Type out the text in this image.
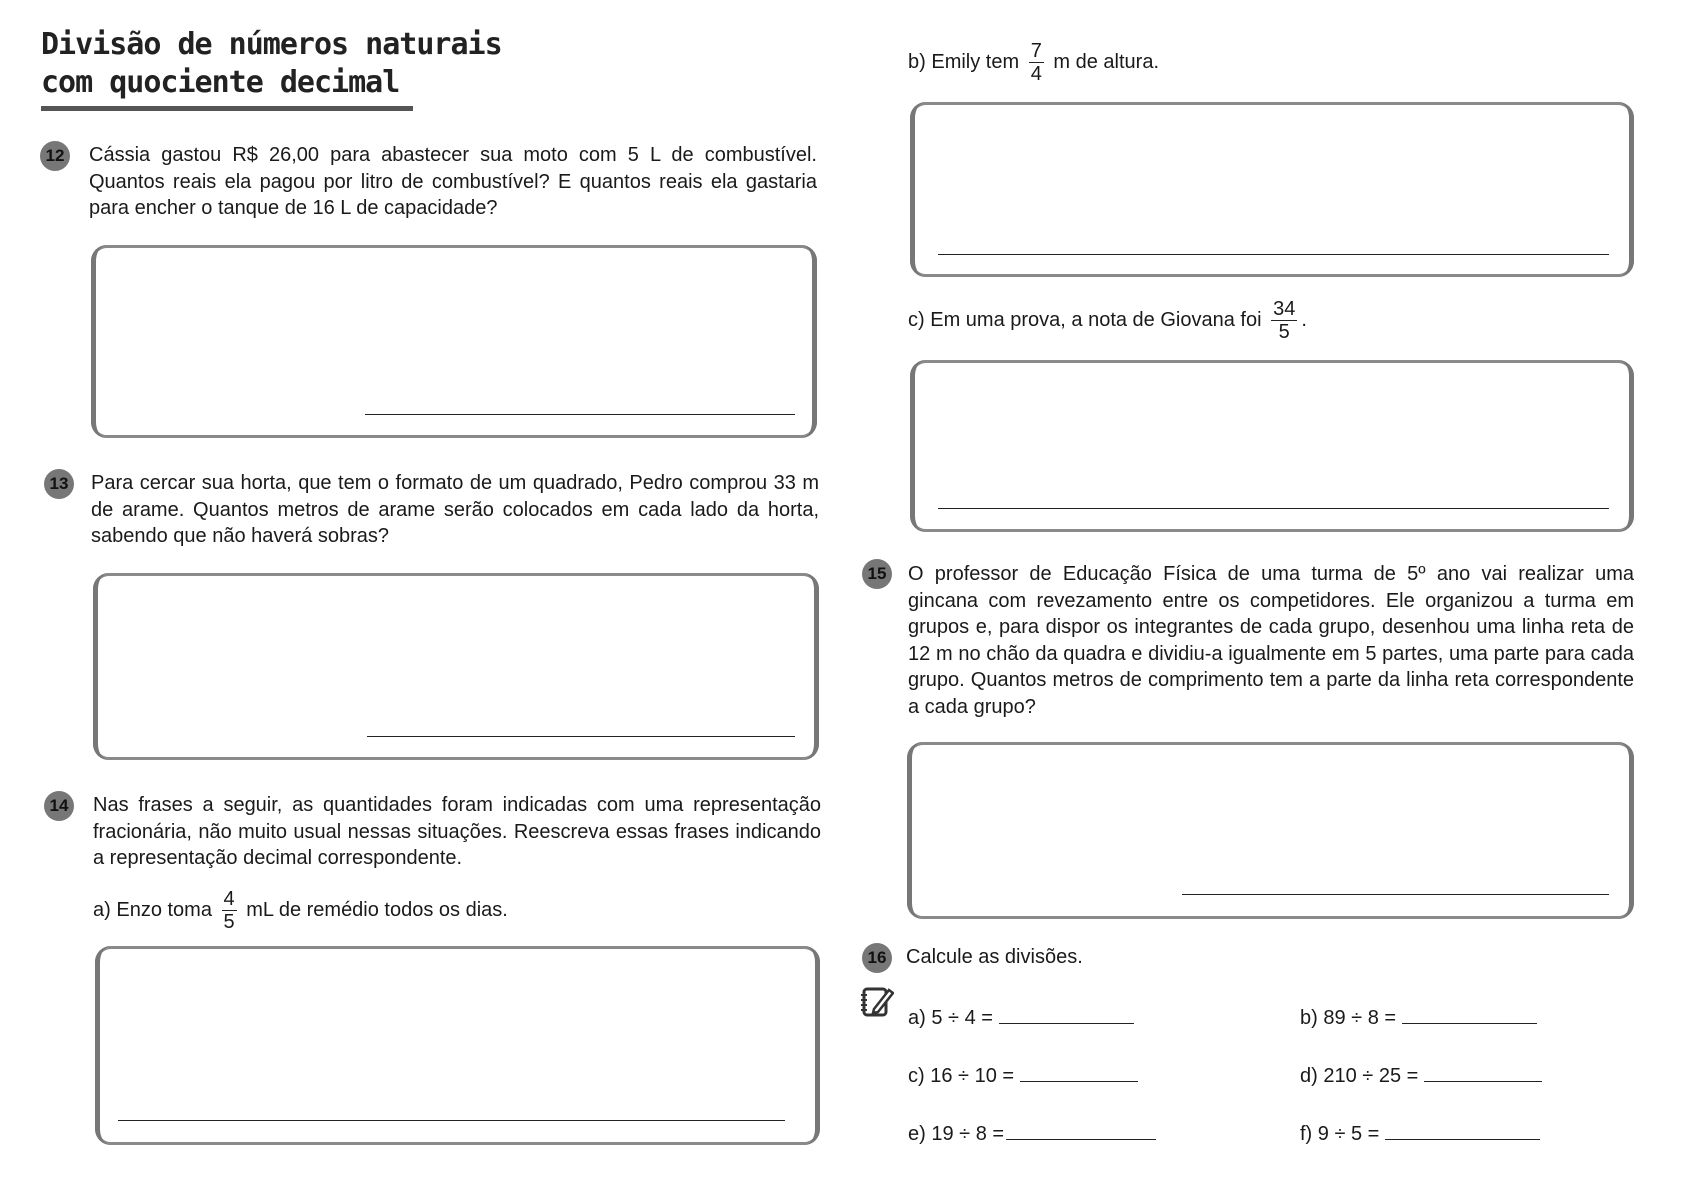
Divisão de números naturais
com quociente decimal
12 Cássia gastou R$ 26,00 para abastecer sua moto com 5 L de combustível. Quantos reais ela pagou por litro de combustível? E quantos reais ela gastaria para encher o tanque de 16 L de capacidade?
13 Para cercar sua horta, que tem o formato de um quadrado, Pedro comprou 33 m de arame. Quantos metros de arame serão colocados em cada lado da horta, sabendo que não haverá sobras?
14 Nas frases a seguir, as quantidades foram indicadas com uma representação fracionária, não muito usual nessas situações. Reescreva essas frases indicando a representação decimal correspondente.
a) Enzo toma $\frac{4}{5}$ mL de remédio todos os dias.
b) Emily tem $\frac{7}{4}$ m de altura.
c) Em uma prova, a nota de Giovana foi $\frac{34}{5}$ .
15 O professor de Educação Física de uma turma de 5º ano vai realizar uma gincana com revezamento entre os competidores. Ele organizou a turma em grupos e, para dispor os integrantes de cada grupo, desenhou uma linha reta de 12 m no chão da quadra e dividiu-a igualmente em 5 partes, uma parte para cada grupo. Quantos metros de comprimento tem a parte da linha reta correspondente a cada grupo?
16 Calcule as divisões.
a) 5 ÷ 4 =	b) 89 ÷ 8 =
c) 16 ÷ 10 =	d) 210 ÷ 25 =
e) 19 ÷ 8 =	f) 9 ÷ 5 =
